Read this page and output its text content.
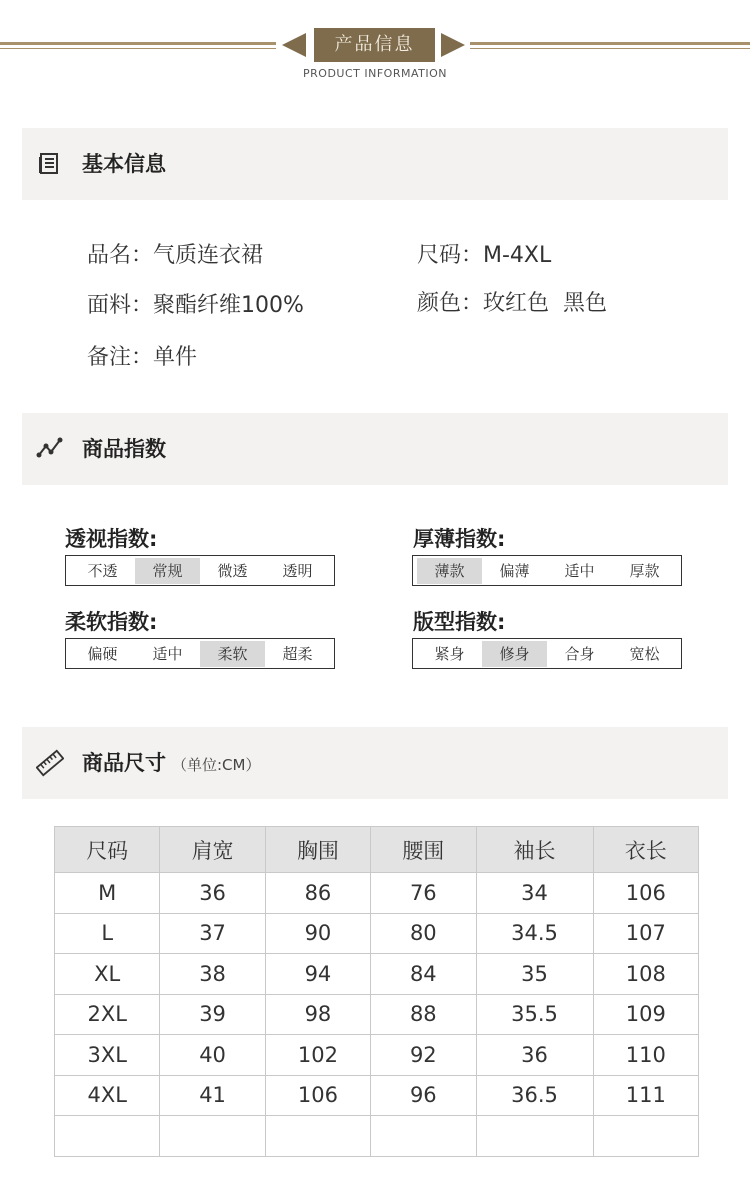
产品信息
PRODUCT INFORMATION
基本信息
品名：气质连衣裙	尺码：M-4XL
面料：聚酯纤维100%	颜色：玫红色  黑色
备注：单件
商品指数
透视指数:
不透	常规	微透	透明
厚薄指数:
薄款	偏薄	适中	厚款
柔软指数:
偏硬	适中	柔软	超柔
版型指数:
紧身	修身	合身	宽松
商品尺寸 （单位:CM）
尺码	肩宽	胸围	腰围	袖长	衣长
M	36	86	76	34	106
L	37	90	80	34.5	107
XL	38	94	84	35	108
2XL	39	98	88	35.5	109
3XL	40	102	92	36	110
4XL	41	106	96	36.5	111
